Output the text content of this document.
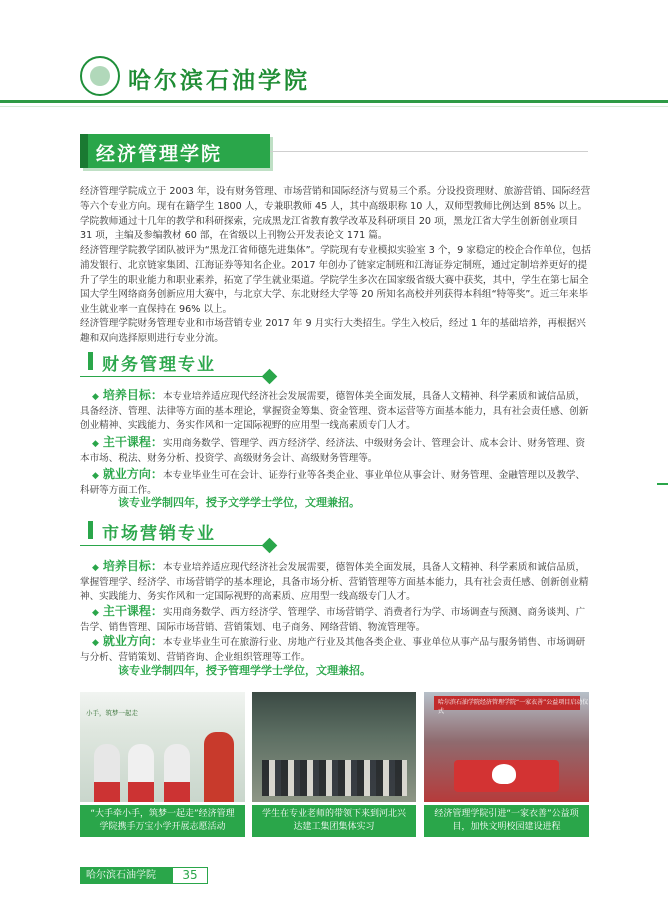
哈尔滨石油学院
经济管理学院

经济管理学院成立于 2003 年，设有财务管理、市场营销和国际经济与贸易三个系。分设投资理财、旅游营销、国际经营等六个专业方向。现有在籍学生 1800 人，专兼职教师 45 人，其中高级职称 10 人，双师型教师比例达到 85% 以上。学院教师通过十几年的教学和科研探索，完成黑龙江省教育教学改革及科研项目 20 项，黑龙江省大学生创新创业项目 31 项，主编及参编教材 60 部，在省级以上刊物公开发表论文 171 篇。

经济管理学院教学团队被评为“黑龙江省师德先进集体”。学院现有专业模拟实验室 3 个，9 家稳定的校企合作单位，包括浦发银行、北京链家集团、江海证券等知名企业。2017 年创办了链家定制班和江海证券定制班，通过定制培养更好的提升了学生的职业能力和职业素养，拓宽了学生就业渠道。学院学生多次在国家级省级大赛中获奖，其中，学生在第七届全国大学生网络商务创新应用大赛中，与北京大学、东北财经大学等 20 所知名高校并列获得本科组“特等奖”。近三年来毕业生就业率一直保持在 96% 以上。

经济管理学院财务管理专业和市场营销专业 2017 年 9 月实行大类招生。学生入校后，经过 1 年的基础培养，再根据兴趣和双向选择原则进行专业分流。

财务管理专业
◆ 培养目标：本专业培养适应现代经济社会发展需要，德智体美全面发展，具备人文精神、科学素质和诚信品质，具备经济、管理、法律等方面的基本理论，掌握资金筹集、资金管理、资本运营等方面基本能力，具有社会责任感、创新创业精神、实践能力、务实作风和一定国际视野的应用型一线高素质专门人才。
◆ 主干课程：实用商务数学、管理学、西方经济学、经济法、中级财务会计、管理会计、成本会计、财务管理、资本市场、税法、财务分析、投资学、高级财务会计、高级财务管理等。
◆ 就业方向：本专业毕业生可在会计、证券行业等各类企业、事业单位从事会计、财务管理、金融管理以及教学、科研等方面工作。
该专业学制四年，授予文学学士学位，文理兼招。
市场营销专业
◆ 培养目标：本专业培养适应现代经济社会发展需要，德智体美全面发展，具备人文精神、科学素质和诚信品质，掌握管理学、经济学、市场营销学的基本理论，具备市场分析、营销管理等方面基本能力，具有社会责任感、创新创业精神、实践能力、务实作风和一定国际视野的高素质、应用型一线高级专门人才。
◆ 主干课程：实用商务数学、西方经济学、管理学、市场营销学、消费者行为学、市场调查与预测、商务谈判、广告学、销售管理、国际市场营销、营销策划、电子商务、网络营销、物流管理等。
◆ 就业方向：本专业毕业生可在旅游行业、房地产行业及其他各类企业、事业单位从事产品与服务销售、市场调研与分析、营销策划、营销咨询、企业组织管理等工作。
该专业学制四年，授予管理学学士学位，文理兼招。
小手，筑梦一起走
哈尔滨石油学院经济管理学院“一家衣善”公益项目启动仪式
“大手牵小手，筑梦一起走”经济管理学院携手万宝小学开展志愿活动
学生在专业老师的带领下来到河北兴达建工集团集体实习
经济管理学院引进“一家衣善”公益项目，加快文明校园建设进程
哈尔滨石油学院	35
